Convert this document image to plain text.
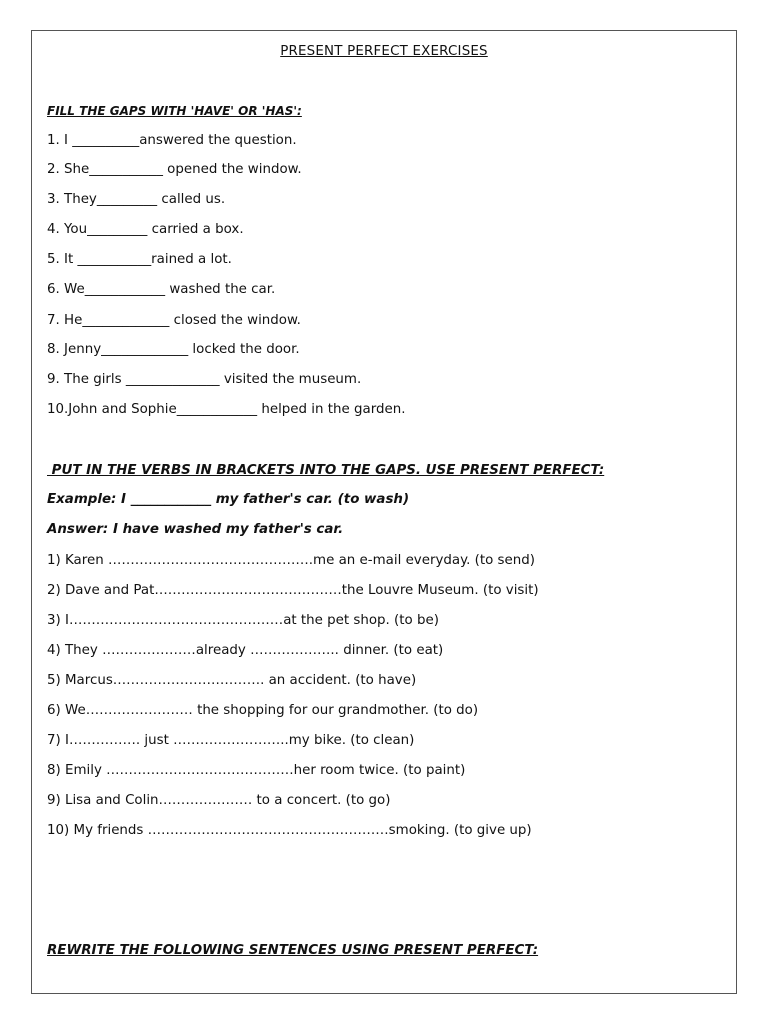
PRESENT PERFECT EXERCISES
FILL THE GAPS WITH 'HAVE' OR 'HAS':
1. I __________answered the question.
2. She___________ opened the window.
3. They_________ called us.
4. You_________ carried a box.
5. It ___________rained a lot.
6. We____________ washed the car.
7. He_____________ closed the window.
8. Jenny_____________ locked the door.
9. The girls ______________ visited the museum.
10.John and Sophie____________ helped in the garden.
PUT IN THE VERBS IN BRACKETS INTO THE GAPS. USE PRESENT PERFECT:
Example: I ____________ my father's car. (to wash)
Answer: I have washed my father's car.
1) Karen ……………………………………….me an e-mail everyday. (to send)
2) Dave and Pat……………………………………the Louvre Museum. (to visit)
3) I…………………………………………at the pet shop. (to be)
4) They …………………already ……………….. dinner. (to eat)
5) Marcus……………………………. an accident. (to have)
6) We…………………… the shopping for our grandmother. (to do)
7) I……………. just ……………………..my bike. (to clean)
8) Emily ……………………………………her room twice. (to paint)
9) Lisa and Colin………………… to a concert. (to go)
10) My friends ………………………………………………smoking. (to give up)
REWRITE THE FOLLOWING SENTENCES USING PRESENT PERFECT:
